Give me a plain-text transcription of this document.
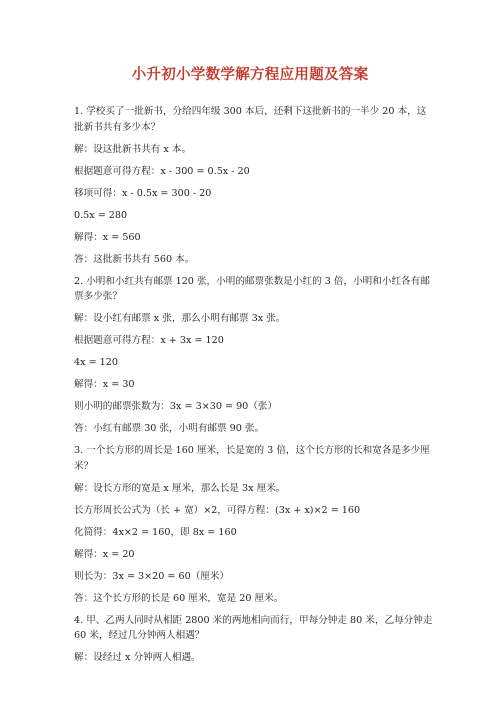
小升初小学数学解方程应用题及答案
1. 学校买了一批新书，分给四年级 300 本后，还剩下这批新书的一半少 20 本，这批新书共有多少本？
解：设这批新书共有 x 本。
根据题意可得方程：x - 300 = 0.5x - 20
移项可得：x - 0.5x = 300 - 20
0.5x = 280
解得：x = 560
答：这批新书共有 560 本。
2. 小明和小红共有邮票 120 张，小明的邮票张数是小红的 3 倍，小明和小红各有邮票多少张？
解：设小红有邮票 x 张，那么小明有邮票 3x 张。
根据题意可得方程：x + 3x = 120
4x = 120
解得：x = 30
则小明的邮票张数为：3x = 3×30 = 90（张）
答：小红有邮票 30 张，小明有邮票 90 张。
3. 一个长方形的周长是 160 厘米，长是宽的 3 倍，这个长方形的长和宽各是多少厘米？
解：设长方形的宽是 x 厘米，那么长是 3x 厘米。
长方形周长公式为（长 + 宽）×2，可得方程：(3x + x)×2 = 160
化简得：4x×2 = 160，即 8x = 160
解得：x = 20
则长为：3x = 3×20 = 60（厘米）
答：这个长方形的长是 60 厘米，宽是 20 厘米。
4. 甲、乙两人同时从相距 2800 米的两地相向而行，甲每分钟走 80 米，乙每分钟走 60 米，经过几分钟两人相遇？
解：设经过 x 分钟两人相遇。
